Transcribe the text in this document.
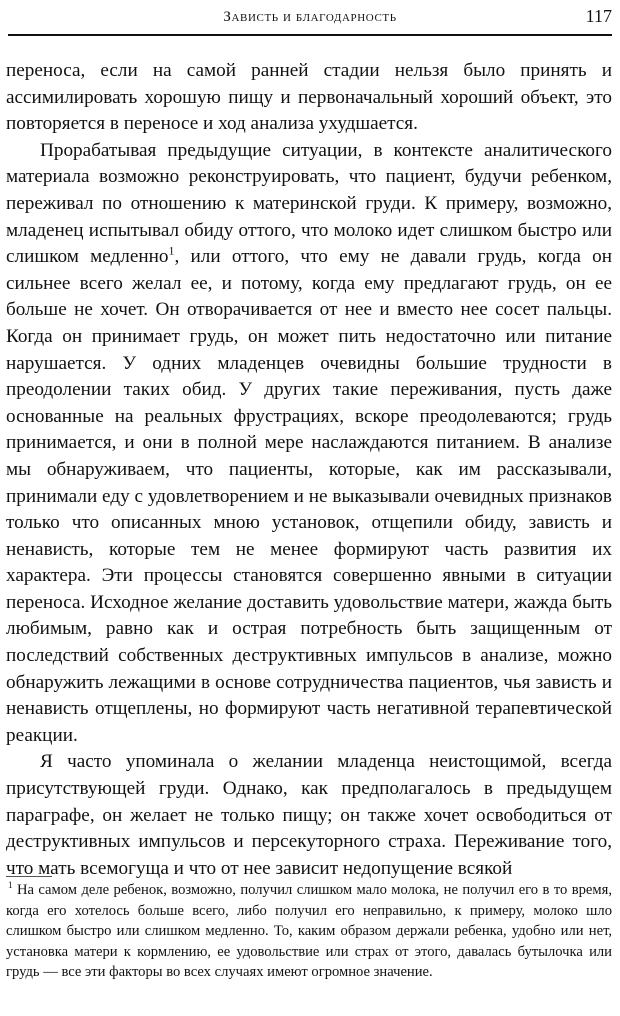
Зависть и благодарность	117

переноса, если на самой ранней стадии нельзя было принять и ассимилировать хорошую пищу и первоначальный хороший объект, это повторяется в переносе и ход анализа ухудшается.

Прорабатывая предыдущие ситуации, в контексте аналитического материала возможно реконструировать, что пациент, будучи ребенком, переживал по отношению к материнской груди. К примеру, возможно, младенец испытывал обиду оттого, что молоко идет слишком быстро или слишком медленно$^1$, или оттого, что ему не давали грудь, когда он сильнее всего желал ее, и потому, когда ему предлагают грудь, он ее больше не хочет. Он отворачивается от нее и вместо нее сосет пальцы. Когда он принимает грудь, он может пить недостаточно или питание нарушается. У одних младенцев очевидны большие трудности в преодолении таких обид. У других такие переживания, пусть даже основанные на реальных фрустрациях, вскоре преодолеваются; грудь принимается, и они в полной мере наслаждаются питанием. В анализе мы обнаруживаем, что пациенты, которые, как им рассказывали, принимали еду с удовлетворением и не выказывали очевидных признаков только что описанных мною установок, отщепили обиду, зависть и ненависть, которые тем не менее формируют часть развития их характера. Эти процессы становятся совершенно явными в ситуации переноса. Исходное желание доставить удовольствие матери, жажда быть любимым, равно как и острая потребность быть защищенным от последствий собственных деструктивных импульсов в анализе, можно обнаружить лежащими в основе сотрудничества пациентов, чья зависть и ненависть отщеплены, но формируют часть негативной терапевтической реакции.

Я часто упоминала о желании младенца неистощимой, всегда присутствующей груди. Однако, как предполагалось в предыдущем параграфе, он желает не только пищу; он также хочет освободиться от деструктивных импульсов и персекуторного страха. Переживание того, что мать всемогуща и что от нее зависит недопущение всякой

$^1$ На самом деле ребенок, возможно, получил слишком мало молока, не получил его в то время, когда его хотелось больше всего, либо получил его неправильно, к примеру, молоко шло слишком быстро или слишком медленно. То, каким образом держали ребенка, удобно или нет, установка матери к кормлению, ее удовольствие или страх от этого, давалась бутылочка или грудь — все эти факторы во всех случаях имеют огромное значение.
